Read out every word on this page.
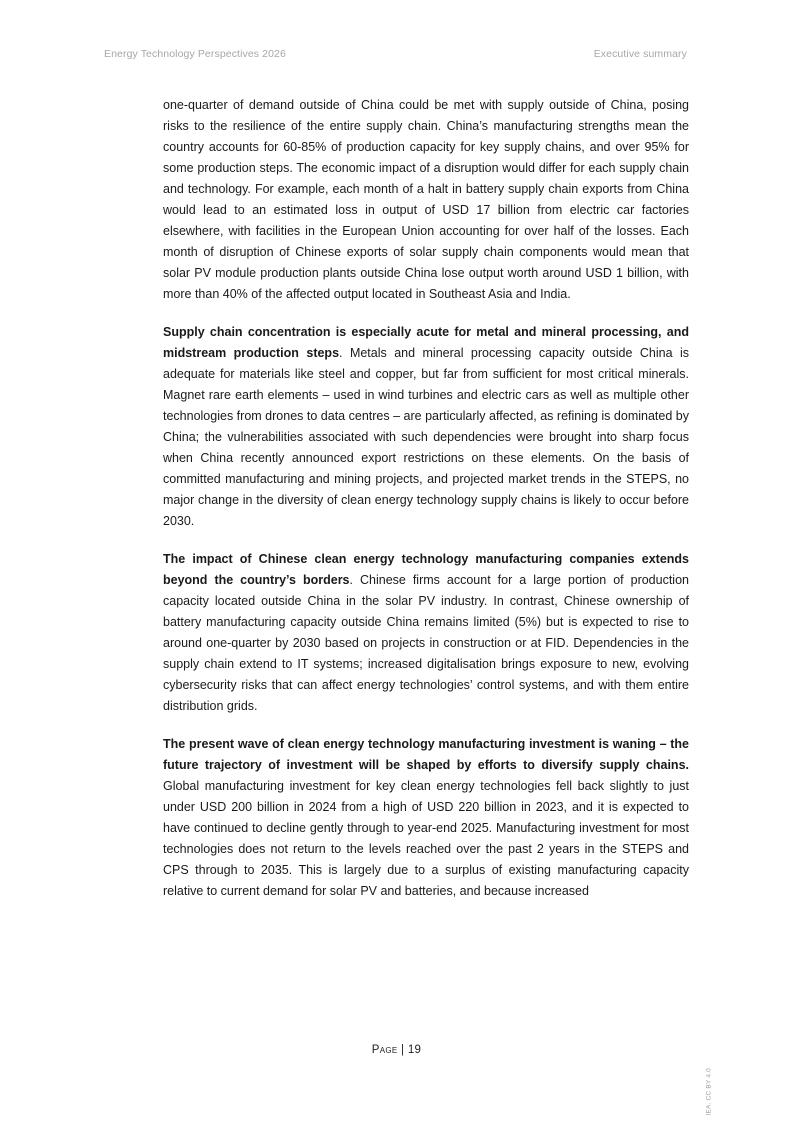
Energy Technology Perspectives 2026	Executive summary

one-quarter of demand outside of China could be met with supply outside of China, posing risks to the resilience of the entire supply chain. China’s manufacturing strengths mean the country accounts for 60-85% of production capacity for key supply chains, and over 95% for some production steps. The economic impact of a disruption would differ for each supply chain and technology. For example, each month of a halt in battery supply chain exports from China would lead to an estimated loss in output of USD 17 billion from electric car factories elsewhere, with facilities in the European Union accounting for over half of the losses. Each month of disruption of Chinese exports of solar supply chain components would mean that solar PV module production plants outside China lose output worth around USD 1 billion, with more than 40% of the affected output located in Southeast Asia and India.

Supply chain concentration is especially acute for metal and mineral processing, and midstream production steps. Metals and mineral processing capacity outside China is adequate for materials like steel and copper, but far from sufficient for most critical minerals. Magnet rare earth elements – used in wind turbines and electric cars as well as multiple other technologies from drones to data centres – are particularly affected, as refining is dominated by China; the vulnerabilities associated with such dependencies were brought into sharp focus when China recently announced export restrictions on these elements. On the basis of committed manufacturing and mining projects, and projected market trends in the STEPS, no major change in the diversity of clean energy technology supply chains is likely to occur before 2030.

The impact of Chinese clean energy technology manufacturing companies extends beyond the country’s borders. Chinese firms account for a large portion of production capacity located outside China in the solar PV industry. In contrast, Chinese ownership of battery manufacturing capacity outside China remains limited (5%) but is expected to rise to around one-quarter by 2030 based on projects in construction or at FID. Dependencies in the supply chain extend to IT systems; increased digitalisation brings exposure to new, evolving cybersecurity risks that can affect energy technologies’ control systems, and with them entire distribution grids.

The present wave of clean energy technology manufacturing investment is waning – the future trajectory of investment will be shaped by efforts to diversify supply chains. Global manufacturing investment for key clean energy technologies fell back slightly to just under USD 200 billion in 2024 from a high of USD 220 billion in 2023, and it is expected to have continued to decline gently through to year-end 2025. Manufacturing investment for most technologies does not return to the levels reached over the past 2 years in the STEPS and CPS through to 2035. This is largely due to a surplus of existing manufacturing capacity relative to current demand for solar PV and batteries, and because increased

Page | 19
IEA. CC BY 4.0
